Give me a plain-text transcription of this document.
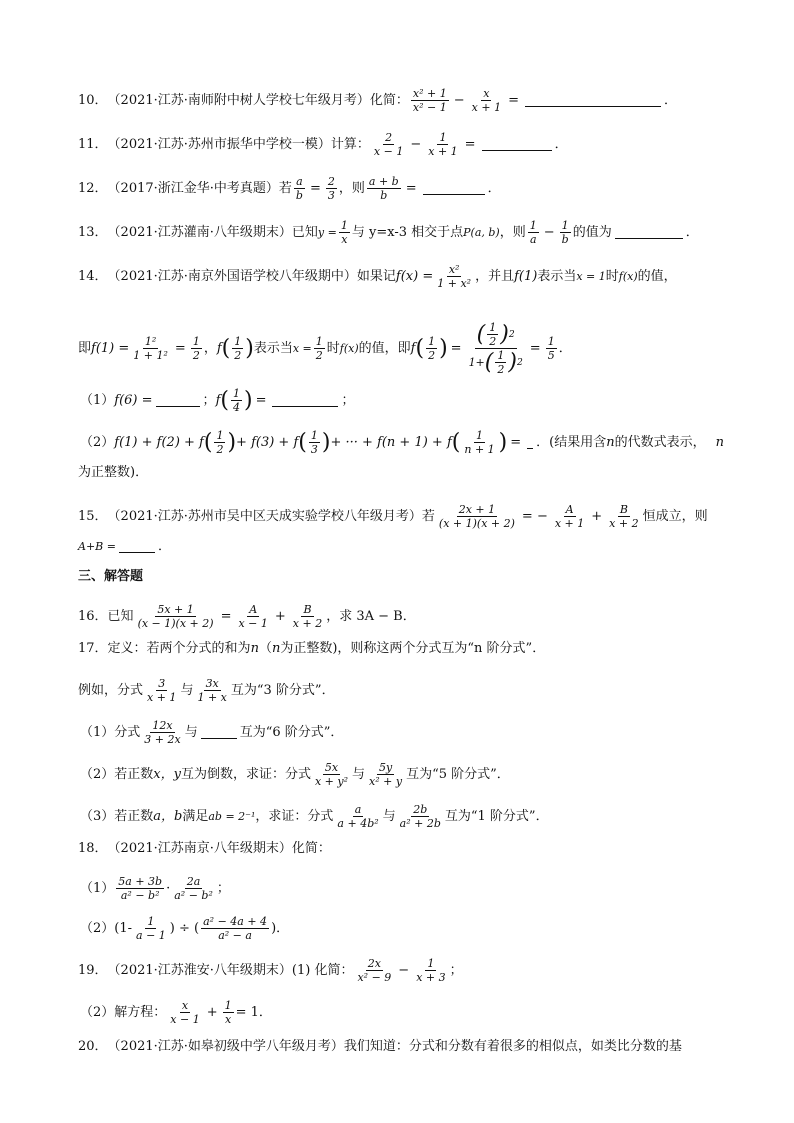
10． （2021·江苏·南师附中树人学校七年级月考） 化简： $\frac{\text{x² + 1}}{\text{x² − 1}} - \frac{x}{x + 1}$ =	．
11． （2021·江苏·苏州市振华中学校一模） 计算： $\frac{2}{x - 1} - \frac{1}{x + 1}$ =	．
12． （2017·浙江金华·中考真题） 若 $\frac{a}{b} = \frac{2}{3}$ ，则 $\frac{a + b}{b}$ =	．
13． （2021·江苏灌南·八年级期末） 已知 $y = \frac{1}{x}$ 与 y=x-3 相交于点 P(a, b) ，则 $\frac{1}{a} - \frac{1}{b}$ 的值为	．
14． （2021·江苏·南京外国语学校八年级期中） 如果记 $f(x) = \frac{\text{x²}}{\text{1 + x²}}$ ，并且 f(1) 表示当 x = 1 时 f(x) 的值，
即 $f(1) = \frac{\text{1²}}{\text{1 + 1²}} = \frac{1}{2}$ ， f ( $\frac{1}{2}$ ) 表示当 $x = \frac{1}{2}$ 时 f(x) 的值，即 f ( $\frac{1}{2}$ ) = $\frac{( \frac{1}{2} ) 2}{1+ ( \frac{1}{2} ) 2} = \frac{1}{5}$ ．
（1） f(6) =	； f ( $\frac{1}{4}$ ) =	；
（2） f(1) + f(2) + f ( $\frac{1}{2}$ ) + f(3) + f ( $\frac{1}{3}$ ) + ··· + f(n + 1) + f ( $\frac{1}{n + 1}$ ) = ．(结果用含 n 的代数式表示， n
为正整数)．
15． （2021·江苏·苏州市吴中区天成实验学校八年级月考） 若 $\frac{2x + 1}{(x + 1)(x + 2)}$ = − $\frac{A}{x + 1} + \frac{B}{x + 2}$ 恒成立，则
A+B =	．
三、解答题
16． 已知 $\frac{5x + 1}{(x - 1)(x + 2)} = \frac{A}{x - 1} + \frac{B}{x + 2}$ ，求 3A − B．
17． 定义：若两个分式的和为 n （ n 为正整数)，则称这两个分式互为“n 阶分式”．
例如，分式 $\frac{3}{x + 1}$ 与 $\frac{3x}{1 + x}$ 互为“3 阶分式”．
（1）分式 $\frac{12x}{3 + 2x}$ 与	互为“6 阶分式”．
（2）若正数 x，y 互为倒数，求证：分式 $\frac{5x}{\text{x + y²}}$ 与 $\frac{5y}{\text{x² + y}}$ 互为“5 阶分式”．
（3）若正数 a，b 满足 ab = 2⁻¹ ，求证：分式 $\frac{a}{\text{a + 4b²}}$ 与 $\frac{2b}{\text{a² + 2b}}$ 互为“1 阶分式”．
18． （2021·江苏南京·八年级期末） 化简：
$(1) \frac{5a + 3b}{\text{a² − b²}} \cdot \frac{2a}{\text{a² − b²}}$ ；
$(2)(1- \frac{1}{a - 1}$ ) ÷ ( $\frac{\text{a² − 4a + 4}}{\text{a² − a}}$ )．
19． （2021·江苏淮安·八年级期末） (1) 化简： $\frac{2x}{\text{x² − 9}} - \frac{1}{x + 3}$ ；
（2）解方程： $\frac{x}{x - 1} + \frac{1}{x} = 1$．
20． （2021·江苏·如皋初级中学八年级月考） 我们知道：分式和分数有着很多的相似点，如类比分数的基
